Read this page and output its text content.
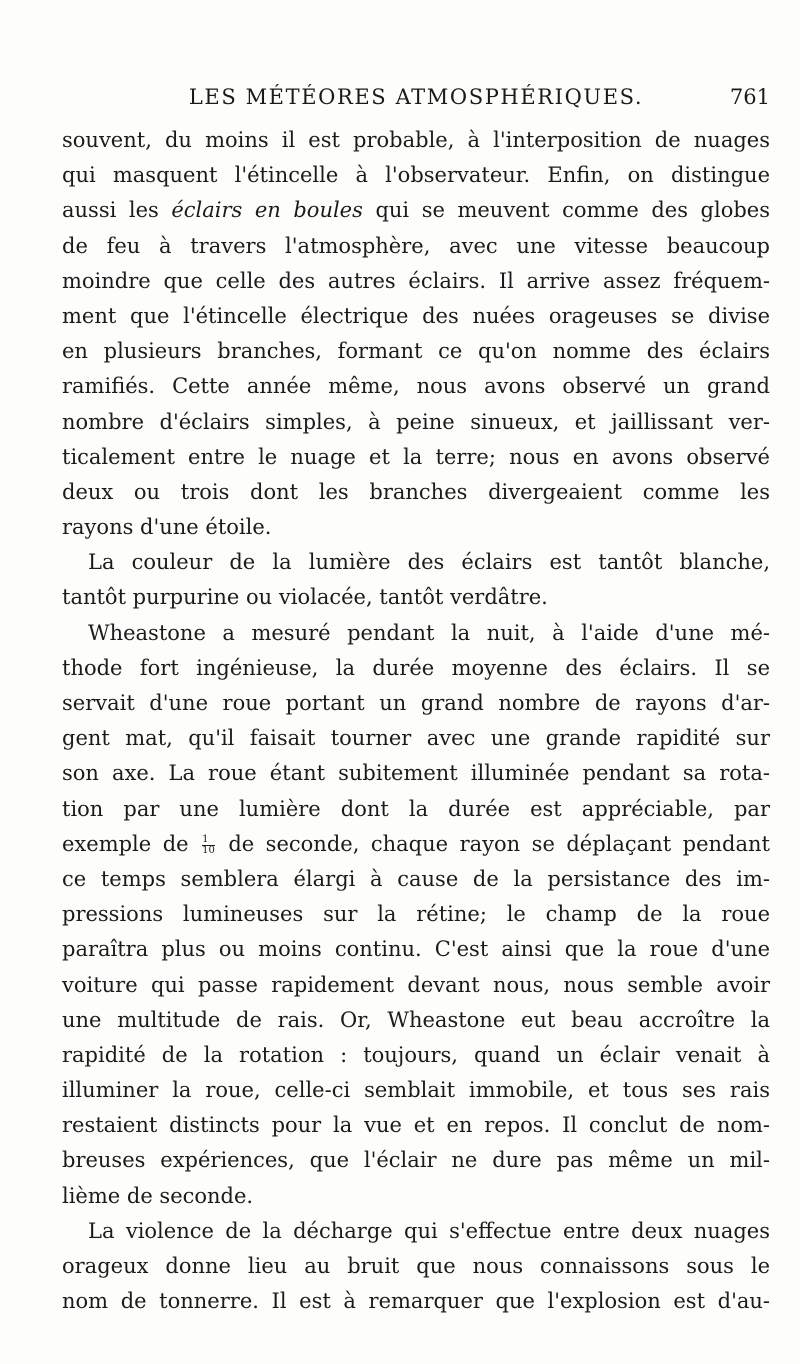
LES MÉTÉORES ATMOSPHÉRIQUES.	761
souvent, du moins il est probable, à l'interposition de nuages
qui masquent l'étincelle à l'observateur. Enfin, on distingue
aussi les éclairs en boules qui se meuvent comme des globes
de feu à travers l'atmosphère, avec une vitesse beaucoup
moindre que celle des autres éclairs. Il arrive assez fréquem-
ment que l'étincelle électrique des nuées orageuses se divise
en plusieurs branches, formant ce qu'on nomme des éclairs
ramifiés. Cette année même, nous avons observé un grand
nombre d'éclairs simples, à peine sinueux, et jaillissant ver-
ticalement entre le nuage et la terre; nous en avons observé
deux ou trois dont les branches divergeaient comme les
rayons d'une étoile.
La couleur de la lumière des éclairs est tantôt blanche,
tantôt purpurine ou violacée, tantôt verdâtre.
Wheastone a mesuré pendant la nuit, à l'aide d'une mé-
thode fort ingénieuse, la durée moyenne des éclairs. Il se
servait d'une roue portant un grand nombre de rayons d'ar-
gent mat, qu'il faisait tourner avec une grande rapidité sur
son axe. La roue étant subitement illuminée pendant sa rota-
tion par une lumière dont la durée est appréciable, par
exemple de $\frac{1}{10}$ de seconde, chaque rayon se déplaçant pendant
ce temps semblera élargi à cause de la persistance des im-
pressions lumineuses sur la rétine; le champ de la roue
paraîtra plus ou moins continu. C'est ainsi que la roue d'une
voiture qui passe rapidement devant nous, nous semble avoir
une multitude de rais. Or, Wheastone eut beau accroître la
rapidité de la rotation : toujours, quand un éclair venait à
illuminer la roue, celle-ci semblait immobile, et tous ses rais
restaient distincts pour la vue et en repos. Il conclut de nom-
breuses expériences, que l'éclair ne dure pas même un mil-
lième de seconde.
La violence de la décharge qui s'effectue entre deux nuages
orageux donne lieu au bruit que nous connaissons sous le
nom de tonnerre. Il est à remarquer que l'explosion est d'au-
